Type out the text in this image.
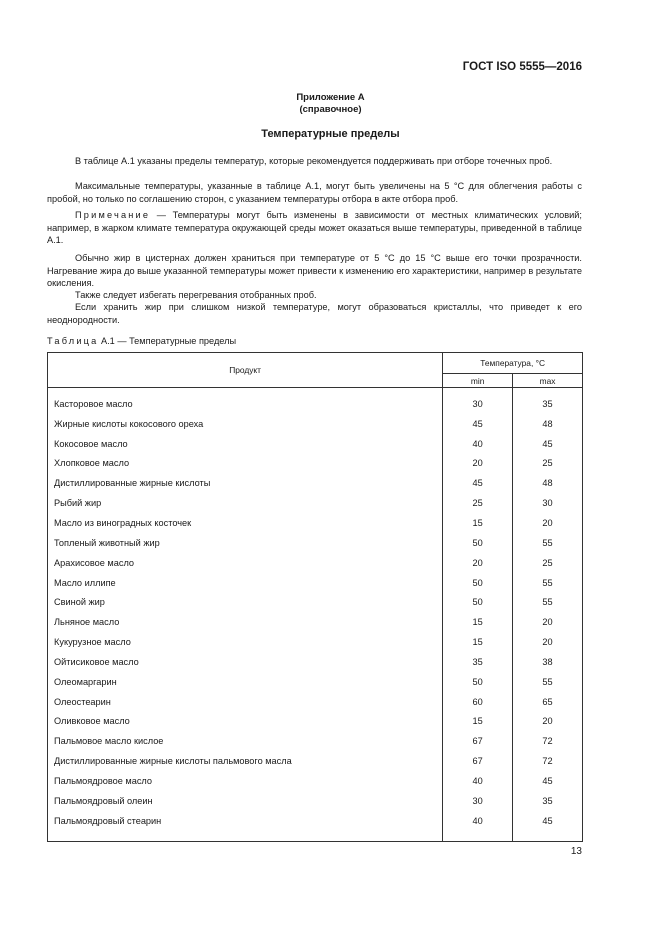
ГОСТ ISO 5555—2016
Приложение А
(справочное)
Температурные пределы
В таблице А.1 указаны пределы температур, которые рекомендуется поддерживать при отборе точечных проб.
Максимальные температуры, указанные в таблице А.1, могут быть увеличены на 5 °С для облегчения работы с пробой, но только по соглашению сторон, с указанием температуры отбора в акте отбора проб.
Примечание — Температуры могут быть изменены в зависимости от местных климатических условий; например, в жарком климате температура окружающей среды может оказаться выше температуры, приведенной в таблице А.1.
Обычно жир в цистернах должен храниться при температуре от 5 °С до 15 °С выше его точки прозрачности. Нагревание жира до выше указанной температуры может привести к изменению его характеристики, например в результате окисления.
Также следует избегать перегревания отобранных проб.
Если хранить жир при слишком низкой температуре, могут образоваться кристаллы, что приведет к его неоднородности.
Таблица А.1 — Температурные пределы
Продукт	Температура, °С	
	min	max
Касторовое масло	30	35
Жирные кислоты кокосового ореха	45	48
Кокосовое масло	40	45
Хлопковое масло	20	25
Дистиллированные жирные кислоты	45	48
Рыбий жир	25	30
Масло из виноградных косточек	15	20
Топленый животный жир	50	55
Арахисовое масло	20	25
Масло иллипе	50	55
Свиной жир	50	55
Льняное масло	15	20
Кукурузное масло	15	20
Ойтисиковое масло	35	38
Олеомаргарин	50	55
Олеостеарин	60	65
Оливковое масло	15	20
Пальмовое масло кислое	67	72
Дистиллированные жирные кислоты пальмового масла	67	72
Пальмоядровое масло	40	45
Пальмоядровый олеин	30	35
Пальмоядровый стеарин	40	45
13
